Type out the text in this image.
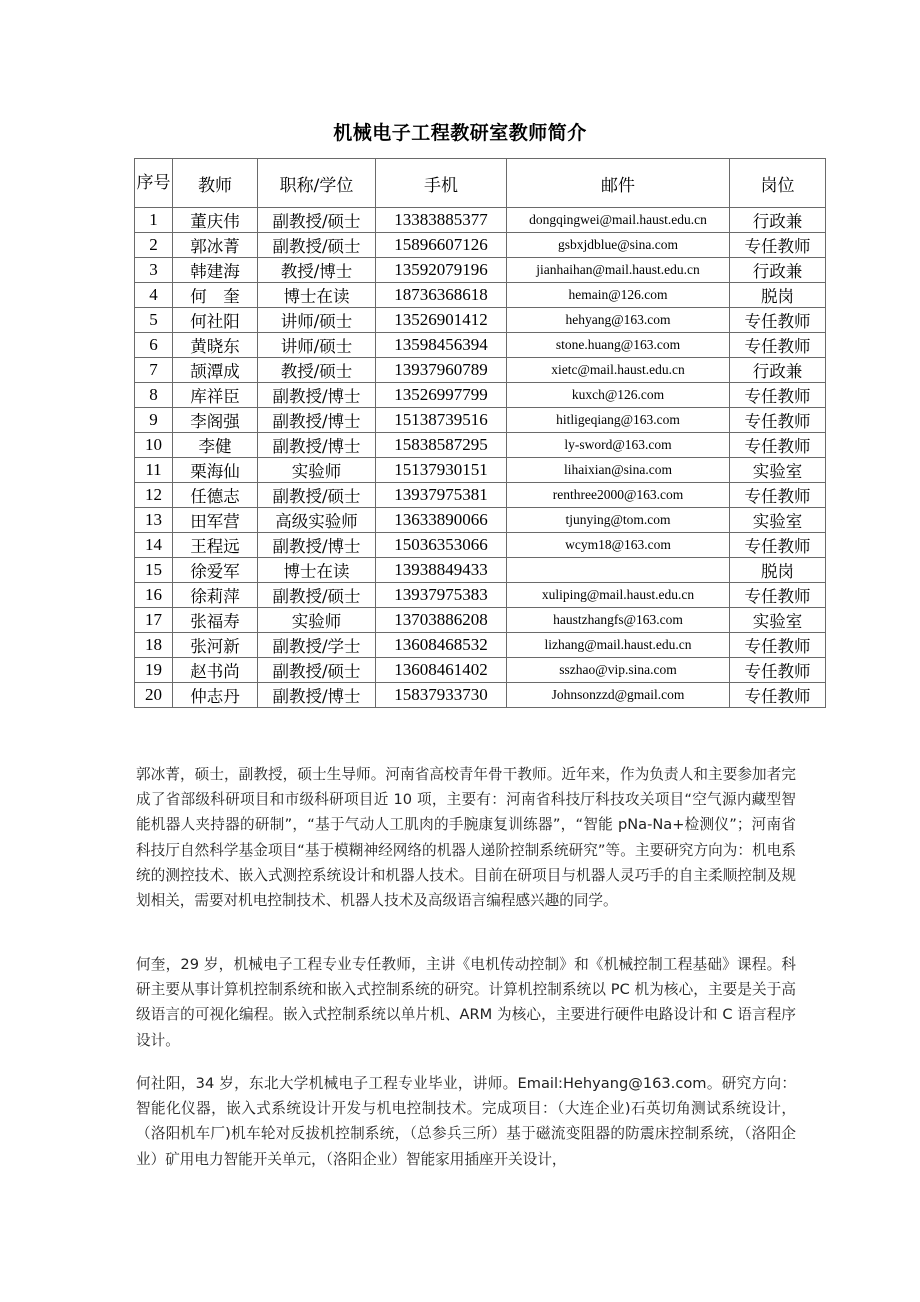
机械电子工程教研室教师简介
序号	教师	职称/学位	手机	邮件	岗位
1	董庆伟	副教授/硕士	13383885377	dongqingwei@mail.haust.edu.cn	行政兼
2	郭冰菁	副教授/硕士	15896607126	gsbxjdblue@sina.com	专任教师
3	韩建海	教授/博士	13592079196	jianhaihan@mail.haust.edu.cn	行政兼
4	何　奎	博士在读	18736368618	hemain@126.com	脱岗
5	何社阳	讲师/硕士	13526901412	hehyang@163.com	专任教师
6	黄晓东	讲师/硕士	13598456394	stone.huang@163.com	专任教师
7	颉潭成	教授/硕士	13937960789	xietc@mail.haust.edu.cn	行政兼
8	库祥臣	副教授/博士	13526997799	kuxch@126.com	专任教师
9	李阁强	副教授/博士	15138739516	hitligeqiang@163.com	专任教师
10	李健	副教授/博士	15838587295	ly-sword@163.com	专任教师
11	栗海仙	实验师	15137930151	lihaixian@sina.com	实验室
12	任德志	副教授/硕士	13937975381	renthree2000@163.com	专任教师
13	田军营	高级实验师	13633890066	tjunying@tom.com	实验室
14	王程远	副教授/博士	15036353066	wcym18@163.com	专任教师
15	徐爱军	博士在读	13938849433		脱岗
16	徐莉萍	副教授/硕士	13937975383	xuliping@mail.haust.edu.cn	专任教师
17	张福寿	实验师	13703886208	haustzhangfs@163.com	实验室
18	张河新	副教授/学士	13608468532	lizhang@mail.haust.edu.cn	专任教师
19	赵书尚	副教授/硕士	13608461402	sszhao@vip.sina.com	专任教师
20	仲志丹	副教授/博士	15837933730	Johnsonzzd@gmail.com	专任教师

郭冰菁，硕士，副教授，硕士生导师。河南省高校青年骨干教师。近年来，作为负责人和主要参加者完成了省部级科研项目和市级科研项目近 10 项，主要有：河南省科技厅科技攻关项目“空气源内藏型智能机器人夹持器的研制”，“基于气动人工肌肉的手腕康复训练器”，“智能 pNa-Na+检测仪”；河南省科技厅自然科学基金项目“基于模糊神经网络的机器人递阶控制系统研究”等。主要研究方向为：机电系统的测控技术、嵌入式测控系统设计和机器人技术。目前在研项目与机器人灵巧手的自主柔顺控制及规划相关，需要对机电控制技术、机器人技术及高级语言编程感兴趣的同学。

何奎，29 岁，机械电子工程专业专任教师，主讲《电机传动控制》和《机械控制工程基础》课程。科研主要从事计算机控制系统和嵌入式控制系统的研究。计算机控制系统以 PC 机为核心，主要是关于高级语言的可视化编程。嵌入式控制系统以单片机、ARM 为核心，主要进行硬件电路设计和 C 语言程序设计。

何社阳，34 岁，东北大学机械电子工程专业毕业，讲师。Email:Hehyang@163.com。研究方向：智能化仪器，嵌入式系统设计开发与机电控制技术。完成项目：（大连企业)石英切角测试系统设计，（洛阳机车厂)机车轮对反拔机控制系统，（总参兵三所）基于磁流变阻器的防震床控制系统，（洛阳企业）矿用电力智能开关单元，（洛阳企业）智能家用插座开关设计，
